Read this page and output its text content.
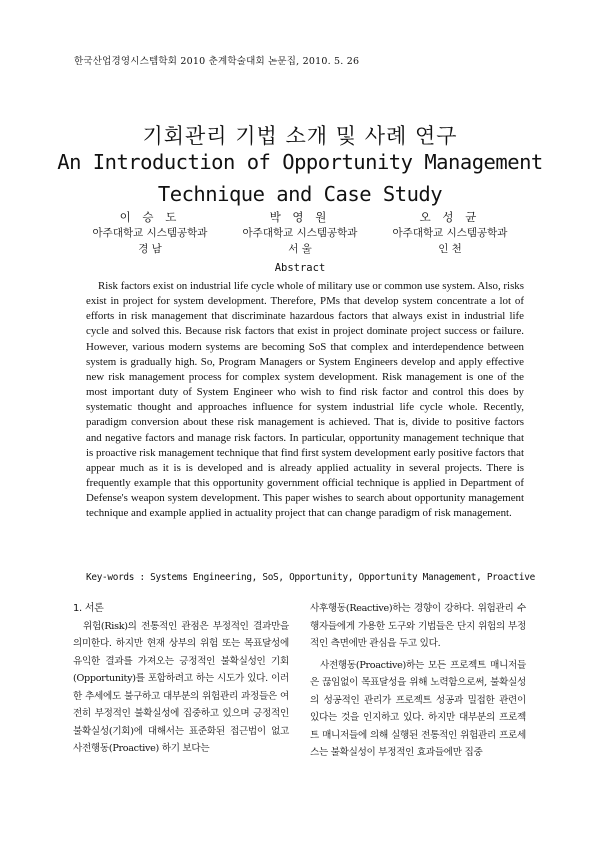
한국산업경영시스템학회 2010 춘계학술대회 논문집, 2010. 5. 26
기회관리 기법 소개 및 사례 연구
An Introduction of Opportunity Management
Technique and Case Study
이 승 도
아주대학교 시스템공학과
경 남
박 영 원
아주대학교 시스템공학과
서 울
오 성 균
아주대학교 시스템공학과
인 천
Abstract

Risk factors exist on industrial life cycle whole of military use or common use system. Also, risks exist in project for system development. Therefore, PMs that develop system concentrate a lot of efforts in risk management that discriminate hazardous factors that always exist in industrial life cycle and solved this. Because risk factors that exist in project dominate project success or failure. However, various modern systems are becoming SoS that complex and interdependence between system is gradually high. So, Program Managers or System Engineers develop and apply effective new risk management process for complex system development. Risk management is one of the most important duty of System Engineer who wish to find risk factor and control this does by systematic thought and approaches influence for system industrial life cycle whole. Recently, paradigm conversion about these risk management is achieved. That is, divide to positive factors and negative factors and manage risk factors. In particular, opportunity management technique that is proactive risk management technique that find first system development early positive factors that appear much as it is is developed and is already applied actuality in several projects. There is frequently example that this opportunity government official technique is applied in Department of Defense's weapon system development. This paper wishes to search about opportunity management technique and example applied in actuality project that can change paradigm of risk management.

Key-words : Systems Engineering, SoS, Opportunity, Opportunity Management, Proactive

1. 서론

위험(Risk)의 전통적인 관점은 부정적인 결과만을 의미한다. 하지만 현재 상부의 위험 또는 목표달성에 유익한 결과를 가져오는 긍정적인 불확실성인 기회(Opportunity)를 포함하려고 하는 시도가 있다. 이러한 추세에도 불구하고 대부분의 위험관리 과정들은 여전히 부정적인 불확실성에 집중하고 있으며 긍정적인 불확실성(기회)에 대해서는 표준화된 접근법이 없고 사전행동(Proactive) 하기 보다는

사후행동(Reactive)하는 경향이 강하다. 위험관리 수행자들에게 가용한 도구와 기법들은 단지 위험의 부정적인 측면에만 관심을 두고 있다.

사전행동(Proactive)하는 모든 프로젝트 매니저들은 끊임없이 목표달성을 위해 노력함으로써, 불확실성의 성공적인 관리가 프로젝트 성공과 밀접한 관련이 있다는 것을 인지하고 있다. 하지만 대부분의 프로젝트 매니저들에 의해 실행된 전통적인 위험관리 프로세스는 불확실성이 부정적인 효과들에만 집중
